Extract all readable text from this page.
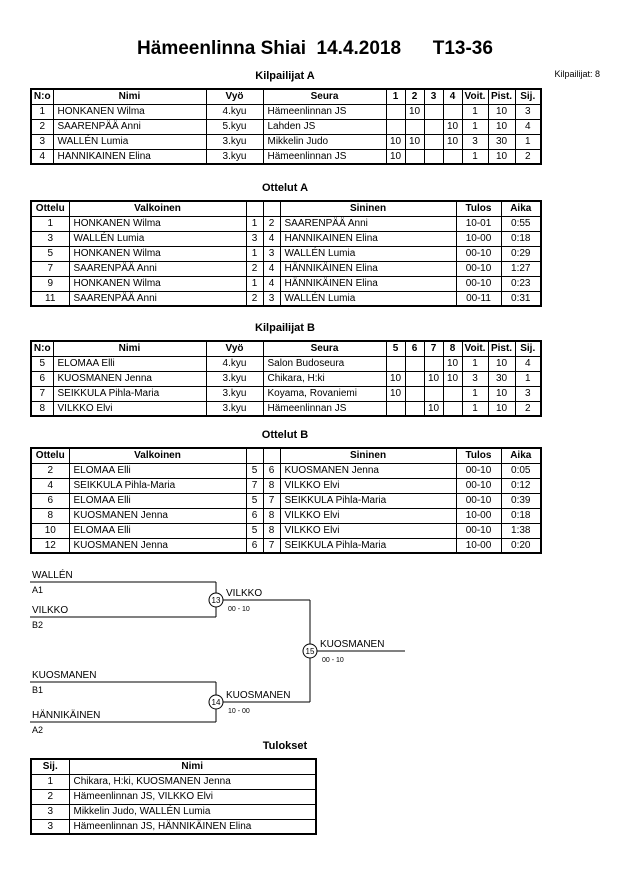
Hämeenlinna Shiai  14.4.2018      T13-36
Kilpailijat: 8
Kilpailijat A
N:o	Nimi	Vyö	Seura	1	2	3	4	Voit.	Pist.	Sij.
1	HONKANEN Wilma	4.kyu	Hämeenlinnan JS		10			1	10	3
2	SAARENPÄÄ Anni	5.kyu	Lahden JS				10	1	10	4
3	WALLÉN Lumia	3.kyu	Mikkelin Judo	10	10		10	3	30	1
4	HANNIKAINEN Elina	3.kyu	Hämeenlinnan JS	10				1	10	2
Ottelut A
Ottelu	Valkoinen			Sininen	Tulos	Aika
1	HONKANEN Wilma	1	2	SAARENPÄÄ Anni	10-01	0:55
3	WALLÉN Lumia	3	4	HANNIKAINEN Elina	10-00	0:18
5	HONKANEN Wilma	1	3	WALLÉN Lumia	00-10	0:29
7	SAARENPÄÄ Anni	2	4	HÄNNIKÄINEN Elina	00-10	1:27
9	HONKANEN Wilma	1	4	HÄNNIKÄINEN Elina	00-10	0:23
11	SAARENPÄÄ Anni	2	3	WALLÉN Lumia	00-11	0:31
Kilpailijat B
N:o	Nimi	Vyö	Seura	5	6	7	8	Voit.	Pist.	Sij.
5	ELOMAA Elli	4.kyu	Salon Budoseura				10	1	10	4
6	KUOSMANEN Jenna	3.kyu	Chikara, H:ki	10		10	10	3	30	1
7	SEIKKULA Pihla-Maria	3.kyu	Koyama, Rovaniemi	10				1	10	3
8	VILKKO Elvi	3.kyu	Hämeenlinnan JS			10		1	10	2
Ottelut B
Ottelu	Valkoinen			Sininen	Tulos	Aika
2	ELOMAA Elli	5	6	KUOSMANEN Jenna	00-10	0:05
4	SEIKKULA Pihla-Maria	7	8	VILKKO Elvi	00-10	0:12
6	ELOMAA Elli	5	7	SEIKKULA Pihla-Maria	00-10	0:39
8	KUOSMANEN Jenna	6	8	VILKKO Elvi	10-00	0:18
10	ELOMAA Elli	5	8	VILKKO Elvi	00-10	1:38
12	KUOSMANEN Jenna	6	7	SEIKKULA Pihla-Maria	10-00	0:20
WALLÉN
A1
VILKKO
B2
13
VILKKO
00 - 10
KUOSMANEN
B1
HÄNNIKÄINEN
A2
14
KUOSMANEN
10 - 00
15
KUOSMANEN
00 - 10
Tulokset
Sij.	Nimi
1	Chikara, H:ki, KUOSMANEN Jenna
2	Hämeenlinnan JS, VILKKO Elvi
3	Mikkelin Judo, WALLÉN Lumia
3	Hämeenlinnan JS, HÄNNIKÄINEN Elina
